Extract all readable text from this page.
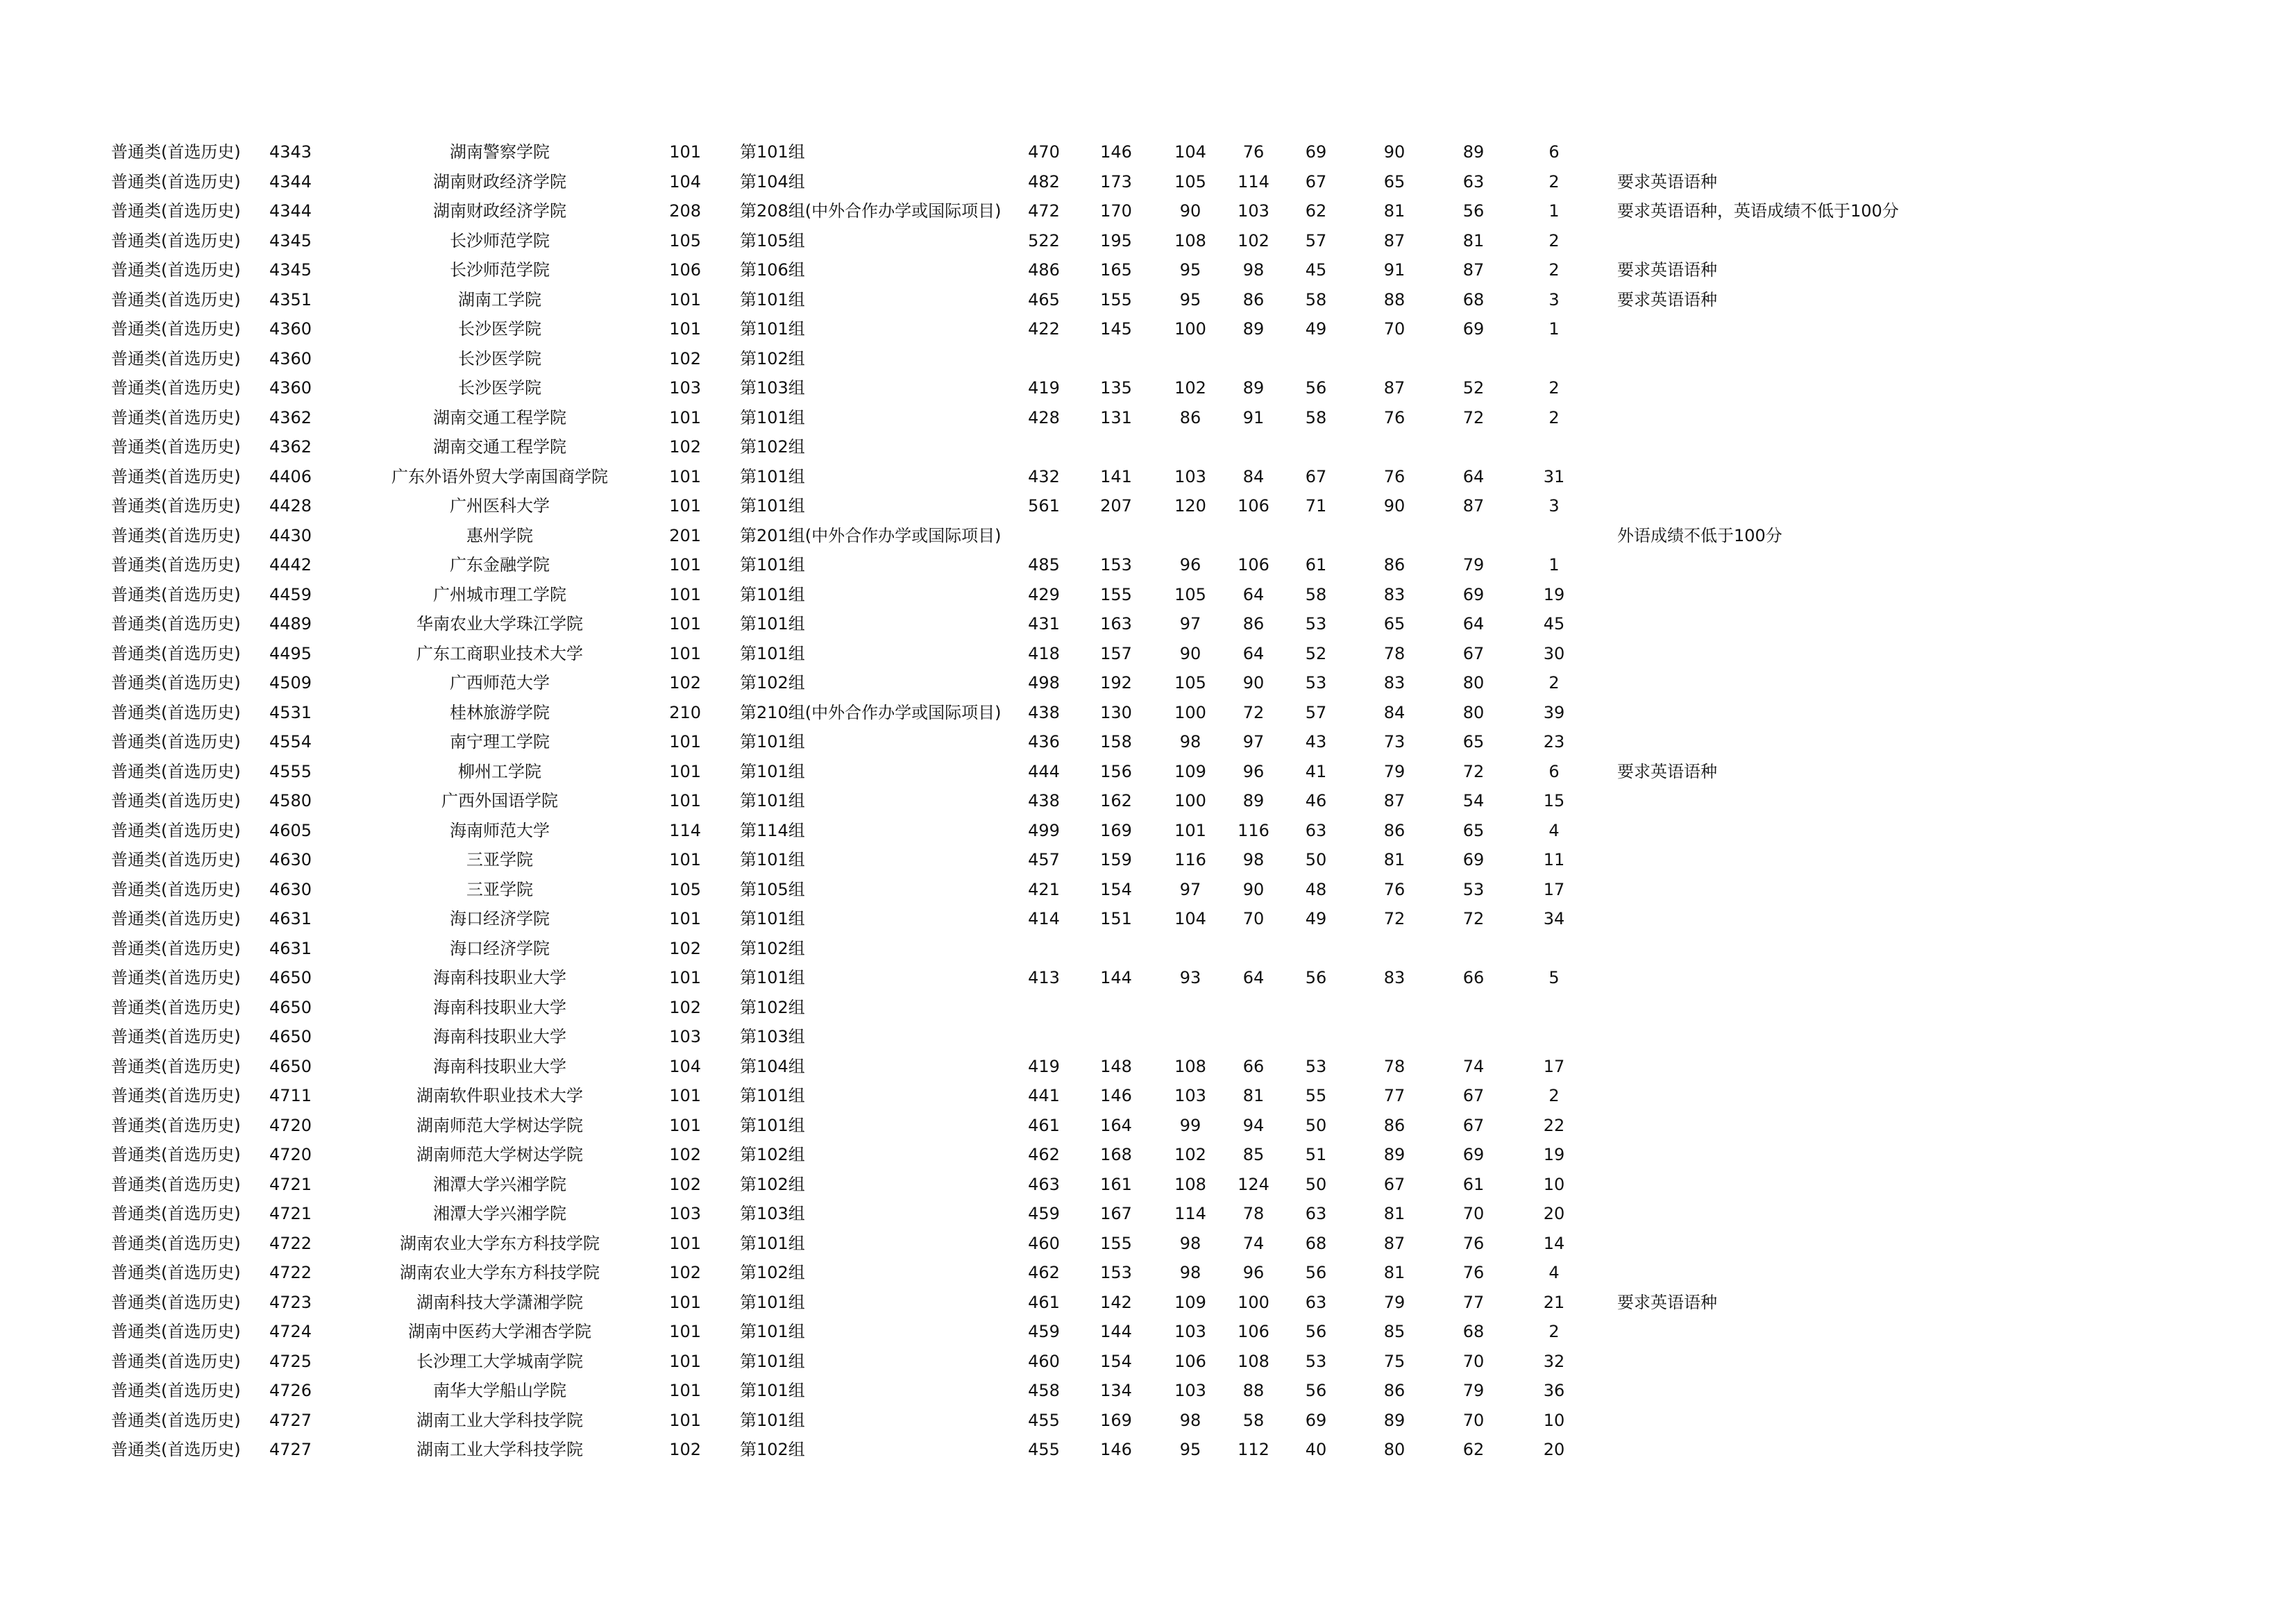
普通类(首选历史)	4343	湖南警察学院	101	第101组	470	146	104	76	69	90	89	6	
普通类(首选历史)	4344	湖南财政经济学院	104	第104组	482	173	105	114	67	65	63	2	要求英语语种
普通类(首选历史)	4344	湖南财政经济学院	208	第208组(中外合作办学或国际项目)	472	170	90	103	62	81	56	1	要求英语语种，英语成绩不低于100分
普通类(首选历史)	4345	长沙师范学院	105	第105组	522	195	108	102	57	87	81	2	
普通类(首选历史)	4345	长沙师范学院	106	第106组	486	165	95	98	45	91	87	2	要求英语语种
普通类(首选历史)	4351	湖南工学院	101	第101组	465	155	95	86	58	88	68	3	要求英语语种
普通类(首选历史)	4360	长沙医学院	101	第101组	422	145	100	89	49	70	69	1	
普通类(首选历史)	4360	长沙医学院	102	第102组									
普通类(首选历史)	4360	长沙医学院	103	第103组	419	135	102	89	56	87	52	2	
普通类(首选历史)	4362	湖南交通工程学院	101	第101组	428	131	86	91	58	76	72	2	
普通类(首选历史)	4362	湖南交通工程学院	102	第102组									
普通类(首选历史)	4406	广东外语外贸大学南国商学院	101	第101组	432	141	103	84	67	76	64	31	
普通类(首选历史)	4428	广州医科大学	101	第101组	561	207	120	106	71	90	87	3	
普通类(首选历史)	4430	惠州学院	201	第201组(中外合作办学或国际项目)									外语成绩不低于100分
普通类(首选历史)	4442	广东金融学院	101	第101组	485	153	96	106	61	86	79	1	
普通类(首选历史)	4459	广州城市理工学院	101	第101组	429	155	105	64	58	83	69	19	
普通类(首选历史)	4489	华南农业大学珠江学院	101	第101组	431	163	97	86	53	65	64	45	
普通类(首选历史)	4495	广东工商职业技术大学	101	第101组	418	157	90	64	52	78	67	30	
普通类(首选历史)	4509	广西师范大学	102	第102组	498	192	105	90	53	83	80	2	
普通类(首选历史)	4531	桂林旅游学院	210	第210组(中外合作办学或国际项目)	438	130	100	72	57	84	80	39	
普通类(首选历史)	4554	南宁理工学院	101	第101组	436	158	98	97	43	73	65	23	
普通类(首选历史)	4555	柳州工学院	101	第101组	444	156	109	96	41	79	72	6	要求英语语种
普通类(首选历史)	4580	广西外国语学院	101	第101组	438	162	100	89	46	87	54	15	
普通类(首选历史)	4605	海南师范大学	114	第114组	499	169	101	116	63	86	65	4	
普通类(首选历史)	4630	三亚学院	101	第101组	457	159	116	98	50	81	69	11	
普通类(首选历史)	4630	三亚学院	105	第105组	421	154	97	90	48	76	53	17	
普通类(首选历史)	4631	海口经济学院	101	第101组	414	151	104	70	49	72	72	34	
普通类(首选历史)	4631	海口经济学院	102	第102组									
普通类(首选历史)	4650	海南科技职业大学	101	第101组	413	144	93	64	56	83	66	5	
普通类(首选历史)	4650	海南科技职业大学	102	第102组									
普通类(首选历史)	4650	海南科技职业大学	103	第103组									
普通类(首选历史)	4650	海南科技职业大学	104	第104组	419	148	108	66	53	78	74	17	
普通类(首选历史)	4711	湖南软件职业技术大学	101	第101组	441	146	103	81	55	77	67	2	
普通类(首选历史)	4720	湖南师范大学树达学院	101	第101组	461	164	99	94	50	86	67	22	
普通类(首选历史)	4720	湖南师范大学树达学院	102	第102组	462	168	102	85	51	89	69	19	
普通类(首选历史)	4721	湘潭大学兴湘学院	102	第102组	463	161	108	124	50	67	61	10	
普通类(首选历史)	4721	湘潭大学兴湘学院	103	第103组	459	167	114	78	63	81	70	20	
普通类(首选历史)	4722	湖南农业大学东方科技学院	101	第101组	460	155	98	74	68	87	76	14	
普通类(首选历史)	4722	湖南农业大学东方科技学院	102	第102组	462	153	98	96	56	81	76	4	
普通类(首选历史)	4723	湖南科技大学潇湘学院	101	第101组	461	142	109	100	63	79	77	21	要求英语语种
普通类(首选历史)	4724	湖南中医药大学湘杏学院	101	第101组	459	144	103	106	56	85	68	2	
普通类(首选历史)	4725	长沙理工大学城南学院	101	第101组	460	154	106	108	53	75	70	32	
普通类(首选历史)	4726	南华大学船山学院	101	第101组	458	134	103	88	56	86	79	36	
普通类(首选历史)	4727	湖南工业大学科技学院	101	第101组	455	169	98	58	69	89	70	10	
普通类(首选历史)	4727	湖南工业大学科技学院	102	第102组	455	146	95	112	40	80	62	20	
